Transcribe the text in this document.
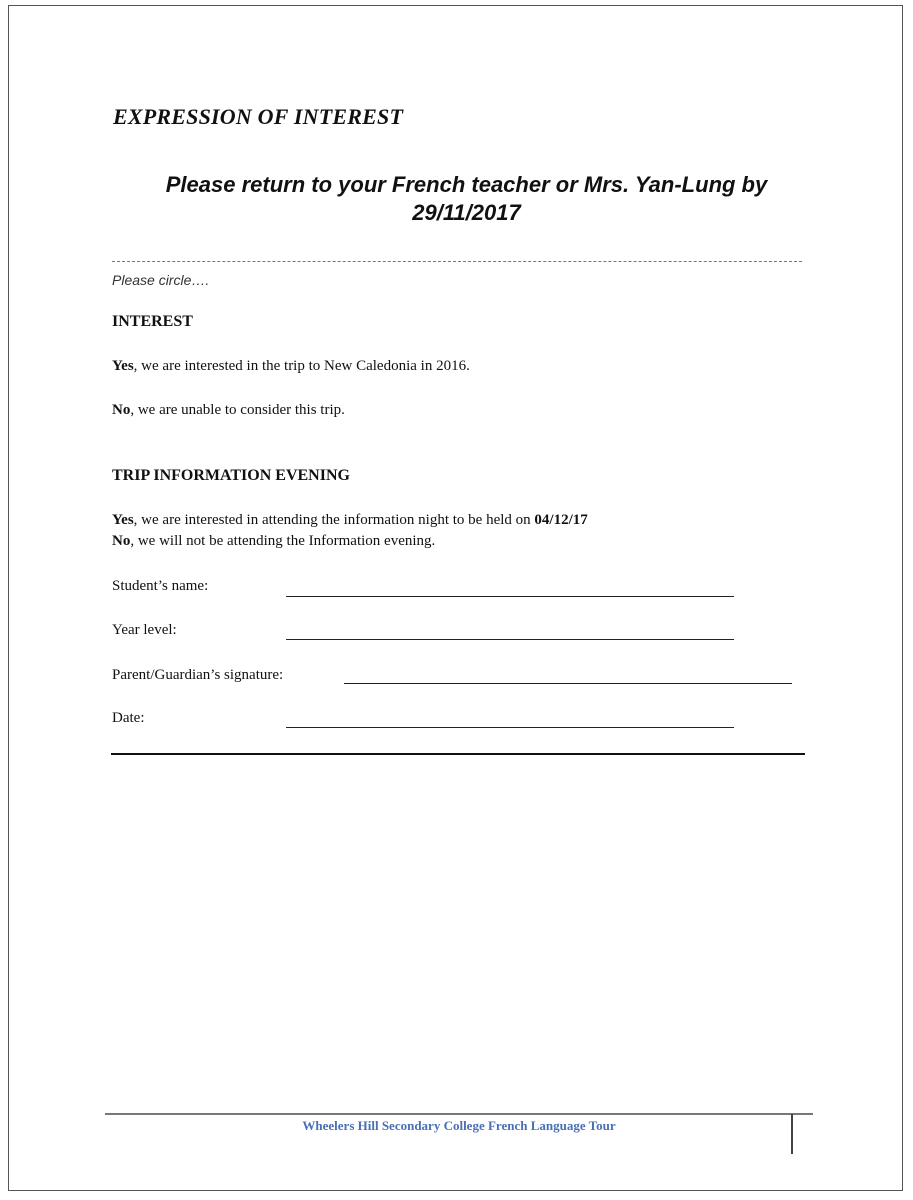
EXPRESSION OF INTEREST
Please return to your French teacher or Mrs. Yan-Lung by
29/11/2017
Please circle….
INTEREST
Yes, we are interested in the trip to New Caledonia in 2016.
No, we are unable to consider this trip.
TRIP INFORMATION EVENING
Yes, we are interested in attending the information night to be held on 04/12/17
No, we will not be attending the Information evening.
Student’s name:
Year level:
Parent/Guardian’s signature:
Date:
Wheelers Hill Secondary College French Language Tour
